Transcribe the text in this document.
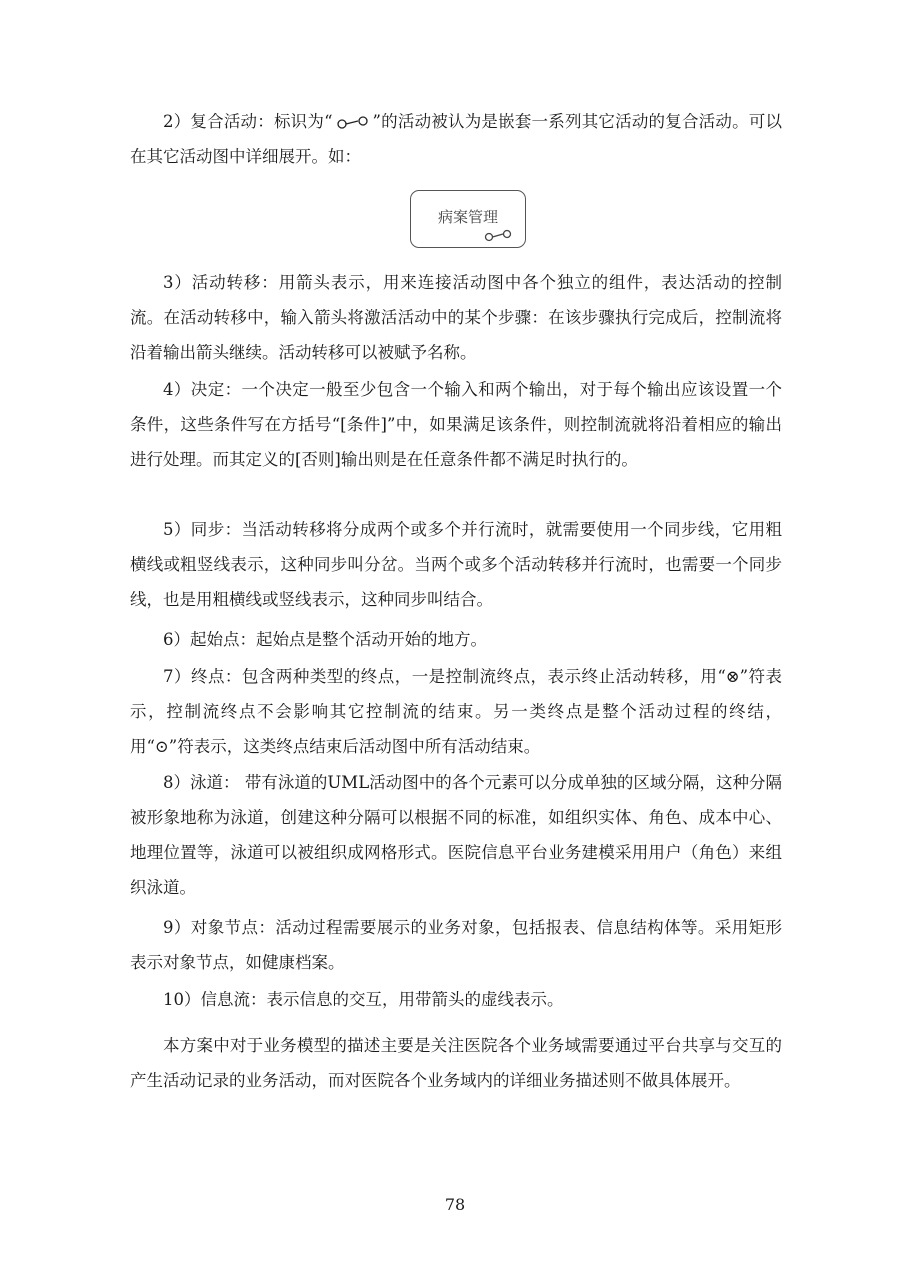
2）复合活动：标识为“ ”的活动被认为是嵌套一系列其它活动的复合活动。可以在其它活动图中详细展开。如：

病案管理

3）活动转移：用箭头表示，用来连接活动图中各个独立的组件，表达活动的控制流。在活动转移中，输入箭头将激活活动中的某个步骤：在该步骤执行完成后，控制流将沿着输出箭头继续。活动转移可以被赋予名称。

4）决定：一个决定一般至少包含一个输入和两个输出，对于每个输出应该设置一个条件，这些条件写在方括号“[条件]”中，如果满足该条件，则控制流就将沿着相应的输出进行处理。而其定义的[否则]输出则是在任意条件都不满足时执行的。

5）同步：当活动转移将分成两个或多个并行流时，就需要使用一个同步线，它用粗横线或粗竖线表示，这种同步叫分岔。当两个或多个活动转移并行流时，也需要一个同步线，也是用粗横线或竖线表示，这种同步叫结合。

6）起始点：起始点是整个活动开始的地方。

7）终点：包含两种类型的终点，一是控制流终点，表示终止活动转移，用“⊗”符表示，控制流终点不会影响其它控制流的结束。另一类终点是整个活动过程的终结，用“⊙”符表示，这类终点结束后活动图中所有活动结束。

8）泳道： 带有泳道的UML活动图中的各个元素可以分成单独的区域分隔，这种分隔被形象地称为泳道，创建这种分隔可以根据不同的标准，如组织实体、角色、成本中心、地理位置等，泳道可以被组织成网格形式。医院信息平台业务建模采用用户（角色）来组织泳道。

9）对象节点：活动过程需要展示的业务对象，包括报表、信息结构体等。采用矩形表示对象节点，如健康档案。

10）信息流：表示信息的交互，用带箭头的虚线表示。

本方案中对于业务模型的描述主要是关注医院各个业务域需要通过平台共享与交互的产生活动记录的业务活动，而对医院各个业务域内的详细业务描述则不做具体展开。

78
